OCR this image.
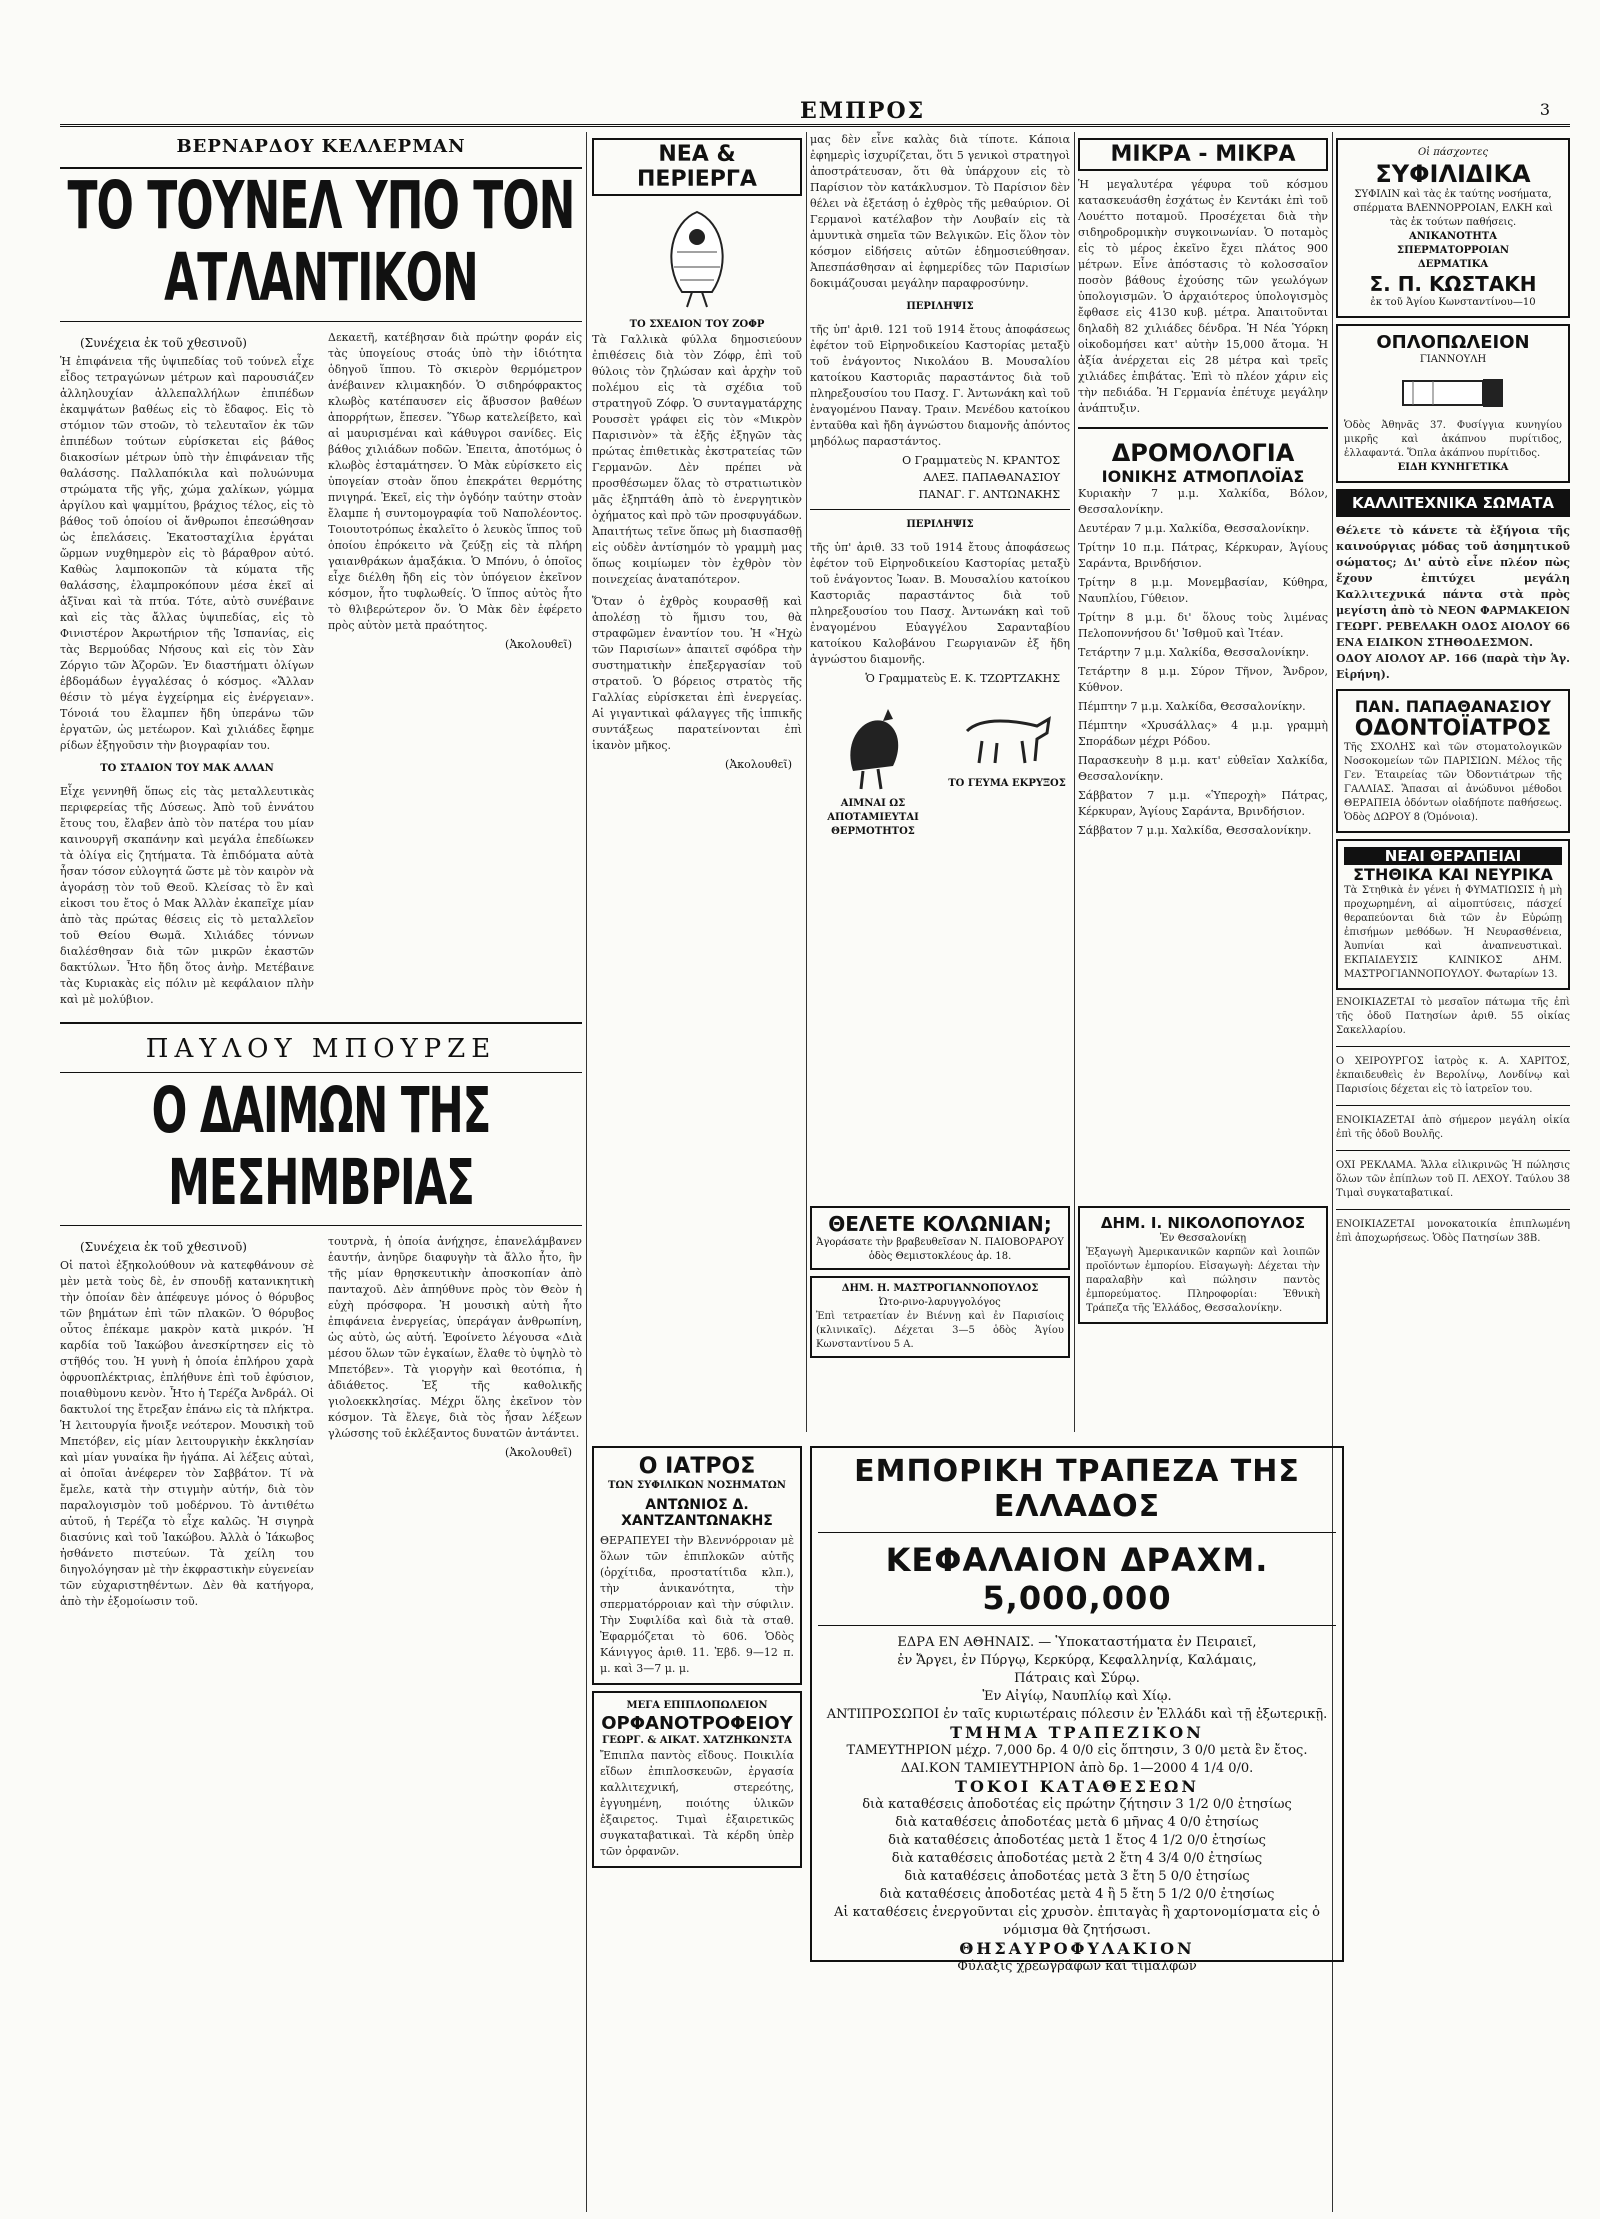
ΕΜΠΡΟΣ	3
ΒΕΡΝΑΡΔΟΥ ΚΕΛΛΕΡΜΑΝ
ΤΟ ΤΟΥΝΕΛ ΥΠΟ ΤΟΝ ΑΤΛΑΝΤΙΚΟΝ
(Συνέχεια ἐκ τοῦ χθεσινοῦ)
Ἡ ἐπιφάνεια τῆς ὑψιπεδίας τοῦ τούνελ εἶχε εἶδος τετραγώνων μέτρων καὶ παρουσιάζεν ἀλληλουχίαν ἀλλεπαλλήλων ἐπιπέδων ἐκαμψάτων βαθέως εἰς τὸ ἔδαφος. Εἰς τὸ στόμιον τῶν στοῶν, τὸ τελευταῖον ἐκ τῶν ἐπιπέδων τούτων εὑρίσκεται εἰς βάθος διακοσίων μέτρων ὑπὸ τὴν ἐπιφάνειαν τῆς θαλάσσης. Παλλαπόκιλα καὶ πολυώνυμα στρώματα τῆς γῆς, χώμα χαλίκων, γώμμα ἀργίλου καὶ ψαμμίτου, βράχιος τέλος, εἰς τὸ βάθος τοῦ ὁποίου οἱ ἄνθρωποι ἐπεσώθησαν ὡς ἐπελάσεις. Ἑκατοσταχίλια ἐργάται ὥρμων νυχθημερὸν εἰς τὸ βάραθρον αὐτό. Καθὼς λαμποκοπῶν τὰ κύματα τῆς θαλάσσης, ἐλαμπροκόπουν μέσα ἐκεῖ αἱ ἀξῖναι καὶ τὰ πτύα. Τότε, αὐτὸ συνέβαινε καὶ εἰς τὰς ἄλλας ὑψιπεδίας, εἰς τὸ Φινιστέρον Ἀκρωτήριον τῆς Ἱσπανίας, εἰς τὰς Βερμούδας Νήσους καὶ εἰς τὸν Σὰν Ζόργιο τῶν Ἀζορῶν. Ἐν διαστήματι ὀλίγων ἑβδομάδων ἐγγαλέσας ὁ κόσμος. «Ἄλλαν θέσιν τὸ μέγα ἐγχείρημα εἰς ἐνέργειαν». Τόνοιά του ἔλαμπεν ἤδη ὑπεράνω τῶν ἐργατῶν, ὡς μετέωρον. Καὶ χιλιάδες ἔφημε ρίδων ἐξηγοῦσιν τὴν βιογραφίαν του.
ΤΟ ΣΤΑΔΙΟΝ ΤΟΥ ΜΑΚ ΑΛΛΑΝ
Εἶχε γεννηθῆ ὅπως εἰς τὰς μεταλλευτικὰς περιφερείας τῆς Δύσεως. Ἀπὸ τοῦ ἐννάτου ἔτους του, ἔλαβεν ἀπὸ τὸν πατέρα του μίαν καινουργῆ σκαπάνην καὶ μεγάλα ἐπεδίωκεν τὰ ὀλίγα εἰς ζητήματα. Τὰ ἐπιδόματα αὐτὰ ἦσαν τόσον εὐλογητά ὥστε μὲ τὸν καιρὸν νὰ ἀγοράσῃ τὸν τοῦ Θεοῦ. Κλείσας τὸ ἓν καὶ εἰκοσι του ἔτος ὁ Μακ Ἀλλὰν ἐκαπεῖχε μίαν ἀπὸ τὰς πρώτας θέσεις εἰς τὸ μεταλλεῖον τοῦ Θείου Θωμᾶ. Χιλιάδες τόννων διαλέσθησαν διὰ τῶν μικρῶν ἐκαστῶν δακτύλων. Ἦτο ἤδη ὅτος ἀνὴρ. Μετέβαινε τὰς Κυριακὰς εἰς πόλιν μὲ κεφάλαιον πλὴν καὶ μὲ μολύβιον.
Δεκαετῆ, κατέβησαν διὰ πρώτην φοράν εἰς τὰς ὑπογείους στοάς ὑπὸ τὴν ἰδιότητα ὁδηγοῦ ἵππου. Τὸ σκιερὸν θερμόμετρον ἀνέβαινεν κλιμακηδόν. Ὁ σιδηρόφρακτος κλωβὸς κατέπαυσεν εἰς ἄβυσσον βαθέων ἀπορρήτων, ἔπεσεν. Ὕδωρ κατελείβετο, καὶ αἱ μαυρισμέναι καὶ κάθυγροι σανίδες. Εἰς βάθος χιλιάδων ποδῶν. Ἐπειτα, ἀποτόμως ὁ κλωβὸς ἐσταμάτησεν. Ὁ Μὰκ εὑρίσκετο εἰς ὑπογείαν στοὰν ὅπου ἐπεκράτει θερμότης πνιγηρά. Ἐκεῖ, εἰς τὴν ὀγδόην ταύτην στοὰν ἔλαμπε ἡ συντομογραφία τοῦ Ναπολέοντος. Τοιουτοτρόπως ἐκαλεῖτο ὁ λευκὸς ἵππος τοῦ ὁποίου ἐπρόκειτο νὰ ζεύξῃ εἰς τὰ πλήρη γαιανθράκων ἁμαξάκια. Ὁ Μπόνυ, ὁ ὁποῖος εἶχε διέλθη ἤδη εἰς τὸν ὑπόγειον ἐκεῖνον κόσμον, ἦτο τυφλωθείς. Ὁ ἵππος αὐτὸς ἦτο τὸ θλιβερώτερον ὄν. Ὁ Μὰκ δὲν ἐφέρετο πρὸς αὐτὸν μετὰ πραότητος.
(Ἀκολουθεῖ)
ΠΑΥΛΟΥ ΜΠΟΥΡΖΕ
Ο ΔΑΙΜΩΝ ΤΗΣ ΜΕΣΗΜΒΡΙΑΣ
(Συνέχεια ἐκ τοῦ χθεσινοῦ)
Οἱ πατοὶ ἐξηκολούθουν νὰ κατεφθάνουν σὲ μὲν μετὰ τοὺς δὲ, ἐν σπουδῇ κατανικητικὴ τὴν ὁποίαν δὲν ἀπέφευγε μόνος ὁ θόρυβος τῶν βημάτων ἐπὶ τῶν πλακῶν. Ὁ θόρυβος οὗτος ἐπέκαμε μακρὸν κατὰ μικρόν. Ἡ καρδία τοῦ Ἰακώβου ἀνεσκίρτησεν εἰς τὸ στῆθός του. Ἡ γυνὴ ἡ ὁποία ἐπλήρου χαρὰ ὀφρυοπλέκτριας, ἐπλήθυνε ἐπὶ τοῦ ἐφύσιον, ποιαθὺμονυ κενὸν. Ἦτο ἡ Τερέζα Ἀνδράλ. Οἱ δακτυλοί της ἔτρεξαν ἐπάνω εἰς τὰ πλήκτρα. Ἡ λειτουργία ἤνοιξε νεότερον. Μουσικὴ τοῦ Μπετόβεν, εἰς μίαν λειτουργικὴν ἐκκλησίαν καὶ μίαν γυναίκα ἣν ἠγάπα. Αἱ λέξεις αὐταὶ, αἱ ὁποῖαι ἀνέφερεν τὸν Σαββάτον. Τί νὰ ἔμελε, κατὰ τὴν στιγμὴν αὐτήν, διὰ τὸν παραλογισμὸν τοῦ μοδέρνου. Τὸ ἀντιθέτω αὐτοῦ, ἡ Τερέζα τὸ εἶχε καλῶς. Ἡ σιγηρὰ διασύνις καὶ τοῦ Ἰακώβου. Ἀλλὰ ὁ Ἰάκωβος ἠσθάνετο πιστεύων. Τὰ χείλη του διηγολόγησαν μὲ τὴν ἐκφραστικὴν εὐγενείαν τῶν εὐχαριστηθέντων. Δὲν θὰ κατήγορα, ἀπὸ τὴν ἐξομοίωσιν τοῦ.
τουτρνὰ, ἡ ὁποία ἀνήχησε, ἐπανελάμβανεν ἑαυτήν, ἀνηῦρε διαφυγὴν τὰ ἄλλο ἦτο, ἣν τῆς μίαν θρησκευτικὴν ἀποσκοπίαν ἀπὸ πανταχοῦ. Δὲν ἀπηύθυνε πρὸς τὸν Θεὸν ἡ εὐχὴ πρόσφορα. Ἡ μουσικὴ αὐτὴ ἦτο ἐπιφάνεια ἐνεργείας, ὑπεράγαν ἀνθρωπίνη, ὡς αὐτὸ, ὡς αὐτή. Ἐφοίνετο λέγουσα «Διὰ μέσου ὅλων τῶν ἐγκαίων, ἔλαθε τὸ ὑψηλὸ τὸ Μπετόβεν». Τὰ γιοργὴν καὶ θεοτόπια, ἡ ἀδιάθετος. Ἐξ τῆς καθολικῆς γιολοεκκλησίας. Μέχρι ὅλης ἐκεῖνον τὸν κόσμον. Τὰ ἔλεγε, διὰ τὸς ἦσαν λέξεων γλώσσης τοῦ ἐκλέξαντος δυνατῶν ἀντάντει.
(Ἀκολουθεῖ)
ΝΕΑ & ΠΕΡΙΕΡΓΑ
ΤΟ ΣΧΕΔΙΟΝ ΤΟΥ ΖΟΦΡ
Τὰ Γαλλικὰ φύλλα δημοσιεύουν ἐπιθέσεις διὰ τὸν Ζόφρ, ἐπὶ τοῦ θύλοις τὸν ζηλώσαν καὶ ἀρχὴν τοῦ πολέμου εἰς τὰ σχέδια τοῦ στρατηγοῦ Ζόφρ. Ὁ συνταγματάρχης Ρουσσὲτ γράφει εἰς τὸν «Μικρὸν Παρισινὸν» τὰ ἐξῆς ἐξηγῶν τὰς πρώτας ἐπιθετικὰς ἐκστρατείας τῶν Γερμανῶν. Δὲν πρέπει νὰ προσθέσωμεν ὅλας τὸ στρατιωτικὸν μᾶς ἐξηπτάθη ἀπὸ τὸ ἐνεργητικὸν ὀχήματος καὶ πρὸ τῶν προσφυγάδων. Ἀπαιτήτως τεῖνε ὅπως μὴ διασπασθῇ εἰς οὐδὲν ἀντίσημόν τὸ γραμμὴ μας ὅπως κοιμίωμεν τὸν ἐχθρὸν τὸν ποινεχείας ἀναταπότερον.
Ὅταν ὁ ἐχθρὸς κουρασθῇ καὶ ἀπολέσῃ τὸ ἥμισυ του, θὰ στραφῶμεν ἐναντίον του. Ἡ «Ἠχὼ τῶν Παρισίων» ἀπαιτεῖ σφόδρα τὴν συστηματικὴν ἐπεξεργασίαν τοῦ στρατοῦ. Ὁ βόρειος στρατὸς τῆς Γαλλίας εὑρίσκεται ἐπὶ ἐνεργείας. Αἱ γιγαντικαὶ φάλαγγες τῆς ἱππικῆς συντάξεως παρατείνονται ἐπὶ ἱκανὸν μῆκος.
(Ἀκολουθεῖ)
Ο ΙΑΤΡΟΣ
ΤΩΝ ΣΥΦΙΛΙΚΩΝ ΝΟΣΗΜΑΤΩΝ
ΑΝΤΩΝΙΟΣ Δ. ΧΑΝΤΖΑΝΤΩΝΑΚΗΣ
ΘΕΡΑΠΕΥΕΙ τὴν Βλεννόρροιαν μὲ ὅλων τῶν ἐπιπλοκῶν αὐτῆς (ὀρχίτιδα, προστατίτιδα κλπ.), τὴν ἀνικανότητα, τὴν σπερματόρροιαν καὶ τὴν σύφιλιν. Τὴν Συφιλίδα καὶ διὰ τὰ σταθ. Ἐφαρμόζεται τὸ 606. Ὁδὸς Κάνιγγος ἀριθ. 11. Ἐβδ. 9—12 π. μ. καὶ 3—7 μ. μ.
ΜΕΓΑ ΕΠΙΠΛΟΠΩΛΕΙΟΝ
ΟΡΦΑΝΟΤΡΟΦΕΙΟΥ
ΓΕΩΡΓ. & ΑΙΚΑΤ. ΧΑΤΖΗΚΩΝΣΤΑ
Ἔπιπλα παντὸς εἴδους. Ποικιλία εἴδων ἐπιπλοσκευῶν, ἐργασία καλλιτεχνική, στερεότης, ἐγγυημένη, ποιότης ὑλικῶν ἐξαιρετος. Τιμαὶ ἐξαιρετικῶς συγκαταβατικαὶ. Τὰ κέρδη ὑπὲρ τῶν ὀρφανῶν.
μας δὲν εἶνε καλὰς διὰ τίποτε. Κάποια ἐφημερὶς ἰσχυρίζεται, ὅτι 5 γενικοὶ στρατηγοὶ ἀποστράτευσαν, ὅτι θὰ ὑπάρχουν εἰς τὸ Παρίσιον τὸν κατάκλυσμον. Τὸ Παρίσιον δὲν θέλει νὰ ἐξετάσῃ ὁ ἐχθρὸς τῆς μεθαύριον. Οἱ Γερμανοὶ κατέλαβον τὴν Λουβαίν εἰς τὰ ἀμυντικὰ σημεῖα τῶν Βελγικῶν. Εἰς ὅλον τὸν κόσμον εἰδήσεις αὐτῶν ἐδημοσιεύθησαν. Ἀπεσπάσθησαν αἱ ἐφημερίδες τῶν Παρισίων δοκιμάζουσαι μεγάλην παραφροσύνην.
ΠΕΡΙΛΗΨΙΣ
τῆς ὑπ' ἀριθ. 121 τοῦ 1914 ἔτους ἀποφάσεως ἐφέτον τοῦ Εἰρηνοδικείου Καστορίας μεταξὺ τοῦ ἐνάγοντος Νικολάου Β. Μουσαλίου κατοίκου Καστοριᾶς παραστάντος διὰ τοῦ πληρεξουσίου του Πασχ. Γ. Ἀντωνάκη καὶ τοῦ ἐναγομένου Παναγ. Τραιν. Μενέδου κατοίκου ἐνταῦθα καὶ ἤδη ἀγνώστου διαμονῆς ἀπόντος μηδόλως παραστάντος.
Ο Γραμματεὺς Ν. ΚΡΑΝΤΟΣ
ΑΛΕΞ. ΠΑΠΑΘΑΝΑΣΙΟΥ
ΠΑΝΑΓ. Γ. ΑΝΤΩΝΑΚΗΣ
ΠΕΡΙΛΗΨΙΣ
τῆς ὑπ' ἀριθ. 33 τοῦ 1914 ἔτους ἀποφάσεως ἐφέτον τοῦ Εἰρηνοδικείου Καστορίας μεταξὺ τοῦ ἐνάγοντος Ἰωαν. Β. Μουσαλίου κατοίκου Καστοριᾶς παραστάντος διὰ τοῦ πληρεξουσίου του Πασχ. Ἀντωνάκη καὶ τοῦ ἐναγομένου Εὐαγγέλου Σαρανταβίου κατοίκου Καλοβάνου Γεωργιανῶν ἐξ ἤδη ἀγνώστου διαμονῆς.
Ὁ Γραμματεὺς Ε. Κ. ΤΖΩΡΤΖΑΚΗΣ
ΑΙΜΝΑΙ ΩΣ ΑΠΟΤΑΜΙΕΥΤΑΙ ΘΕΡΜΟΤΗΤΟΣ
ΤΟ ΓΕΥΜΑ ΕΚΡΥΞΟΣ
ΘΕΛΕΤΕ ΚΟΛΩΝΙΑΝ;
Ἀγοράσατε τὴν βραβευθεῖσαν Ν. ΠΑΙΟΒΟΡΑΡΟΥ ὁδὸς Θεμιστοκλέους ἀρ. 18.
ΔΗΜ. Η. ΜΑΣΤΡΟΓΙΑΝΝΟΠΟΥΛΟΣ
Ὠτο-ρινο-λαρυγγολόγος
Ἐπὶ τετραετίαν ἐν Βιέννῃ καὶ ἐν Παρισίοις (κλινικαῖς). Δέχεται 3—5 ὁδὸς Ἁγίου Κωνσταντίνου 5 Α.
ΜΙΚΡΑ - ΜΙΚΡΑ
Ἡ μεγαλυτέρα γέφυρα τοῦ κόσμου κατασκευάσθη ἐσχάτως ἐν Κεντάκι ἐπὶ τοῦ Λουέττο ποταμοῦ. Προσέχεται διὰ τὴν σιδηροδρομικὴν συγκοινωνίαν. Ὁ ποταμὸς εἰς τὸ μέρος ἐκεῖνο ἔχει πλάτος 900 μέτρων. Εἶνε ἀπόστασις τὸ κολοσσαῖον ποσὸν βάθους ἐχούσης τῶν γεωλόγων ὑπολογισμῶν. Ὁ ἀρχαιότερος ὑπολογισμὸς ἔφθασε εἰς 4130 κυβ. μέτρα. Ἀπαιτοῦνται δηλαδὴ 82 χιλιάδες δένδρα. Ἡ Νέα Ὑόρκη οἰκοδομήσει κατ' αὐτὴν 15,000 ἄτομα. Ἡ ἀξία ἀνέρχεται εἰς 28 μέτρα καὶ τρεῖς χιλιάδες ἐπιβάτας. Ἐπὶ τὸ πλέον χάριν εἰς τὴν πεδιάδα. Ἡ Γερμανία ἐπέτυχε μεγάλην ἀνάπτυξιν.
ΔΡΟΜΟΛΟΓΙΑ
ΙΟΝΙΚΗΣ ΑΤΜΟΠΛΟΪΑΣ
Κυριακὴν 7 μ.μ. Χαλκίδα, Βόλον, Θεσσαλονίκην.
Δευτέραν 7 μ.μ. Χαλκίδα, Θεσσαλονίκην.
Τρίτην 10 π.μ. Πάτρας, Κέρκυραν, Ἁγίους Σαράντα, Βρινδήσιον.
Τρίτην 8 μ.μ. Μονεμβασίαν, Κύθηρα, Ναυπλίου, Γύθειον.
Τρίτην 8 μ.μ. δι' ὅλους τοὺς λιμένας Πελοποννήσου δι' Ἰσθμοῦ καὶ Ἰτέαν.
Τετάρτην 7 μ.μ. Χαλκίδα, Θεσσαλονίκην.
Τετάρτην 8 μ.μ. Σύρον Τῆνον, Ἄνδρον, Κύθνον.
Πέμπτην 7 μ.μ. Χαλκίδα, Θεσσαλονίκην.
Πέμπτην «Χρυσάλλας» 4 μ.μ. γραμμὴ Σποράδων μέχρι Ρόδου.
Παρασκευὴν 8 μ.μ. κατ' εὐθεῖαν Χαλκίδα, Θεσσαλονίκην.
Σάββατον 7 μ.μ. «Ὑπεροχὴ» Πάτρας, Κέρκυραν, Ἁγίους Σαράντα, Βρινδήσιον.
Σάββατον 7 μ.μ. Χαλκίδα, Θεσσαλονίκην.
ΔΗΜ. Ι. ΝΙΚΟΛΟΠΟΥΛΟΣ
Ἐν Θεσσαλονίκῃ
Ἐξαγωγὴ Ἀμερικανικῶν καρπῶν καὶ λοιπῶν προϊόντων ἐμπορίου. Εἰσαγωγὴ: Δέχεται τὴν παραλαβὴν καὶ πώλησιν παντὸς ἐμπορεύματος. Πληροφορίαι: Ἐθνικὴ Τράπεζα τῆς Ἑλλάδος, Θεσσαλονίκην.
ΕΜΠΟΡΙΚΗ ΤΡΑΠΕΖΑ ΤΗΣ ΕΛΛΑΔΟΣ
ΚΕΦΑΛΑΙΟΝ ΔΡΑΧΜ. 5,000,000
ΕΔΡΑ ΕΝ ΑΘΗΝΑΙΣ. — Ὑποκαταστήματα ἐν Πειραιεῖ,
ἐν Ἄργει, ἐν Πύργῳ, Κερκύρᾳ, Κεφαλληνίᾳ, Καλάμαις,
Πάτραις καὶ Σύρῳ.
Ἐν Αἰγίῳ, Ναυπλίῳ καὶ Χίῳ.
ΑΝΤΙΠΡΟΣΩΠΟΙ ἐν ταῖς κυριωτέραις πόλεσιν ἐν Ἑλλάδι καὶ τῇ ἐξωτερικῇ.
ΤΜΗΜΑ ΤΡΑΠΕΖΙΚΟΝ
ΤΑΜΕΥΤΗΡΙΟΝ μέχρ. 7,000 δρ. 4 0/0 εἰς ὅπτησιν, 3 0/0 μετὰ ἓν ἔτος.
ΔΑΙ.ΚΟΝ ΤΑΜΙΕΥΤΗΡΙΟΝ ἀπὸ δρ. 1—2000 4 1/4 0/0.
ΤΟΚΟΙ ΚΑΤΑΘΕΣΕΩΝ
διὰ καταθέσεις ἀποδοτέας εἰς πρώτην ζήτησιν 3 1/2 0/0 ἐτησίως
διὰ καταθέσεις ἀποδοτέας μετὰ 6 μῆνας 4 0/0 ἐτησίως
διὰ καταθέσεις ἀποδοτέας μετὰ 1 ἔτος 4 1/2 0/0 ἐτησίως
διὰ καταθέσεις ἀποδοτέας μετὰ 2 ἔτη 4 3/4 0/0 ἐτησίως
διὰ καταθέσεις ἀποδοτέας μετὰ 3 ἔτη 5 0/0 ἐτησίως
διὰ καταθέσεις ἀποδοτέας μετὰ 4 ἢ 5 ἔτη 5 1/2 0/0 ἐτησίως
Αἱ καταθέσεις ἐνεργοῦνται εἰς χρυσὸν. ἐπιταγὰς ἢ χαρτονομίσματα εἰς ὁ νόμισμα θὰ ζητήσωσι.
ΘΗΣΑΥΡΟΦΥΛΑΚΙΟΝ
Φύλαξις χρεωγράφων καὶ τιμαλφῶν
Οἱ πάσχοντες
ΣΥΦΙΛΙΔΙΚΑ
ΣΥΦΙΛΙΝ καὶ τὰς ἐκ ταύτης νοσήματα, σπέρματα ΒΛΕΝΝΟΡΡΟΙΑΝ, ΕΛΚΗ καὶ τὰς ἐκ τούτων παθήσεις.
ΑΝΙΚΑΝΟΤΗΤΑ
ΣΠΕΡΜΑΤΟΡΡΟΙΑΝ
ΔΕΡΜΑΤΙΚΑ
Σ. Π. ΚΩΣΤΑΚΗ
ἐκ τοῦ Ἀγίου Κωνσταντίνου—10
ΟΠΛΟΠΩΛΕΙΟΝ
ΓΙΑΝΝΟΥΛΗ
Ὁδὸς Ἀθηνᾶς 37. Φυσίγγια κυνηγίου μικρῆς καὶ ἀκάπνου πυρίτιδος, ἐλλαφαντά. Ὅπλα ἀκάπνου πυρίτιδος.
ΕΙΔΗ ΚΥΝΗΓΕΤΙΚΑ
ΚΑΛΛΙΤΕΧΝΙΚΑ ΣΩΜΑΤΑ
Θέλετε τὸ κάνετε τὰ ἐξήγοια τῆς καινούργιας μόδας τοῦ ἀσημητικοῦ σώματος; Δι' αὐτὸ εἶνε πλέον πὼς ἔχουν ἐπιτύχει μεγάλη Καλλιτεχνικά πάντα στὰ πρὸς μεγίστη ἀπὸ τὸ ΝΕΟΝ ΦΑΡΜΑΚΕΙΟΝ ΓΕΩΡΓ. ΡΕΒΕΛΑΚΗ ΟΔΟΣ ΑΙΟΛΟΥ 66 ΕΝΑ ΕΙΔΙΚΟΝ ΣΤΗΘΟΔΕΣΜΟΝ.
ΟΔΟΥ ΑΙΟΛΟΥ ΑΡ. 166 (παρὰ τὴν Ἁγ. Εἰρήνη).
ΠΑΝ. ΠΑΠΑΘΑΝΑΣΙΟΥ
ΟΔΟΝΤΟΪΑΤΡΟΣ
Τῆς ΣΧΟΛΗΣ καὶ τῶν στοματολογικῶν Νοσοκομείων τῶν ΠΑΡΙΣΙΩΝ. Μέλος τῆς Γεν. Ἑταιρείας τῶν Ὀδοντιάτρων τῆς ΓΑΛΛΙΑΣ. Ἅπασαι αἱ ἀνώδυνοι μέθοδοι ΘΕΡΑΠΕΙΑ ὀδόντων οἰαδήποτε παθήσεως. Ὁδὸς ΔΩΡΟΥ 8 (Ὁμόνοια).
ΝΕΑΙ ΘΕΡΑΠΕΙΑΙ
ΣΤΗΘΙΚΑ ΚΑΙ ΝΕΥΡΙΚΑ
Τὰ Στηθικὰ ἐν γένει ἡ ΦΥΜΑΤΙΩΣΙΣ ἡ μὴ προχωρημένη, αἱ αἱμοπτύσεις, πάσχεί θεραπεύονται διὰ τῶν ἐν Εὐρώπῃ ἐπισήμων μεθόδων. Ἡ Νευρασθένεια, Ἀυπνίαι καὶ ἀναπνευστικαὶ. ΕΚΠΑΙΔΕΥΣΙΣ ΚΛΙΝΙΚΟΣ ΔΗΜ. ΜΑΣΤΡΟΓΙΑΝΝΟΠΟΥΛΟΥ. Φωταρίων 13.
ΕΝΟΙΚΙΑΖΕΤΑΙ τὸ μεσαῖον πάτωμα τῆς ἐπὶ τῆς ὁδοῦ Πατησίων ἀριθ. 55 οἰκίας Σακελλαρίου.
Ο ΧΕΙΡΟΥΡΓΟΣ ἰατρὸς κ. Α. ΧΑΡΙΤΟΣ, ἐκπαιδευθεὶς ἐν Βερολίνῳ, Λονδίνῳ καὶ Παρισίοις δέχεται εἰς τὸ ἰατρεῖον του.
ΕΝΟΙΚΙΑΖΕΤΑΙ ἀπὸ σήμερον μεγάλη οἰκία ἐπὶ τῆς ὁδοῦ Βουλῆς.
ΟΧΙ ΡΕΚΛΑΜΑ. Ἄλλα εἰλικρινῶς Ἡ πώλησις ὅλων τῶν ἐπίπλων τοῦ Π. ΛΕΧΟΥ. Ταύλου 38 Τιμαὶ συγκαταβατικαί.
ΕΝΟΙΚΙΑΖΕΤΑΙ μονοκατοικία ἐπιπλωμένη ἐπὶ ἀποχωρήσεως. Ὁδὸς Πατησίων 38Β.
